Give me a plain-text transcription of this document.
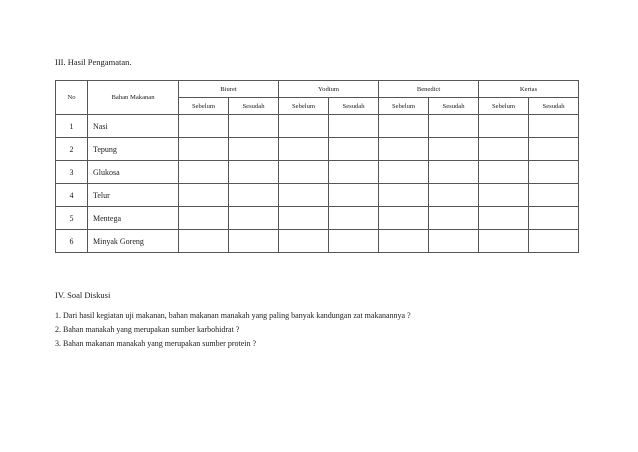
III. Hasil Pengamatan.
No	Bahan Makanan	Biuret		Yodium		Benedict		Kertas	
		Sebelum	Sesudah	Sebelum	Sesudah	Sebelum	Sesudah	Sebelum	Sesudah
1	Nasi								
2	Tepung								
3	Glukosa								
4	Telur								
5	Mentega								
6	Minyak Goreng								
IV. Soal Diskusi
1. Dari hasil kegiatan uji makanan, bahan makanan manakah yang paling banyak kandungan zat makanannya ?
2. Bahan manakah yang merupakan sumber karbohidrat ?
3. Bahan makanan manakah yang merupakan sumber protein ?
